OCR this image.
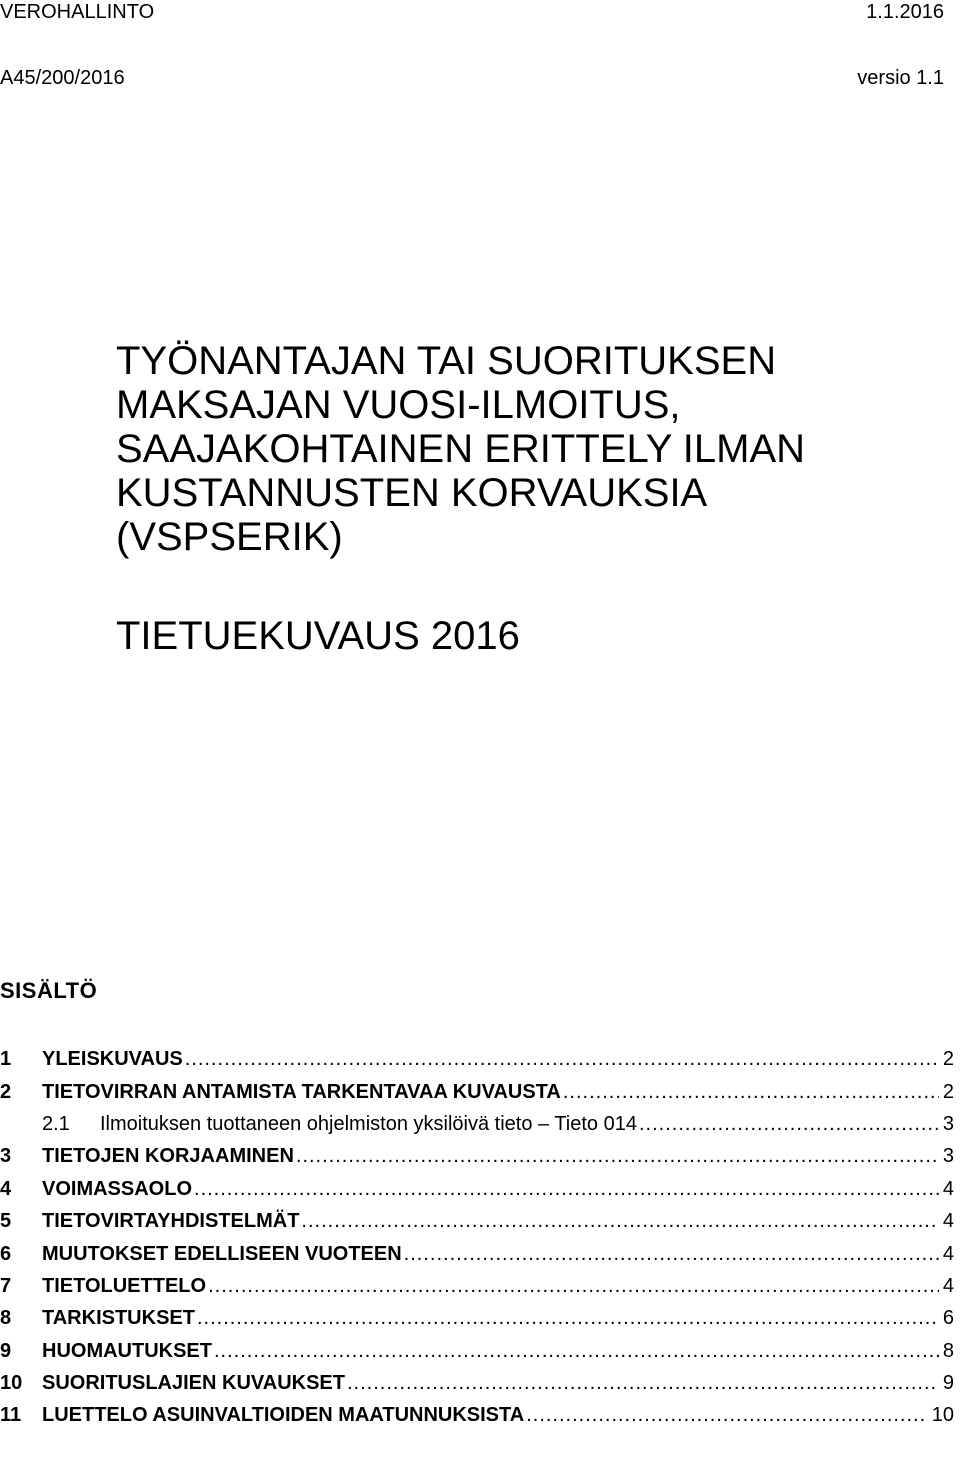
VEROHALLINTO	1.1.2016
A45/200/2016	versio 1.1
TYÖNANTAJAN TAI SUORITUKSEN
MAKSAJAN VUOSI-ILMOITUS,
SAAJAKOHTAINEN ERITTELY ILMAN
KUSTANNUSTEN KORVAUKSIA
(VSPSERIK)
TIETUEKUVAUS 2016
SISÄLTÖ
1	YLEISKUVAUS .....	2
2	TIETOVIRRAN ANTAMISTA TARKENTAVAA KUVAUSTA .....	2
2.1	Ilmoituksen tuottaneen ohjelmiston yksilöivä tieto – Tieto 014 .....	3
3	TIETOJEN KORJAAMINEN .....	3
4	VOIMASSAOLO .....	4
5	TIETOVIRTAYHDISTELMÄT .....	4
6	MUUTOKSET EDELLISEEN VUOTEEN .....	4
7	TIETOLUETTELO .....	4
8	TARKISTUKSET .....	6
9	HUOMAUTUKSET .....	8
10 SUORITUSLAJIEN KUVAUKSET .....	9
11	LUETTELO ASUINVALTIOIDEN MAATUNNUKSISTA .....	10
